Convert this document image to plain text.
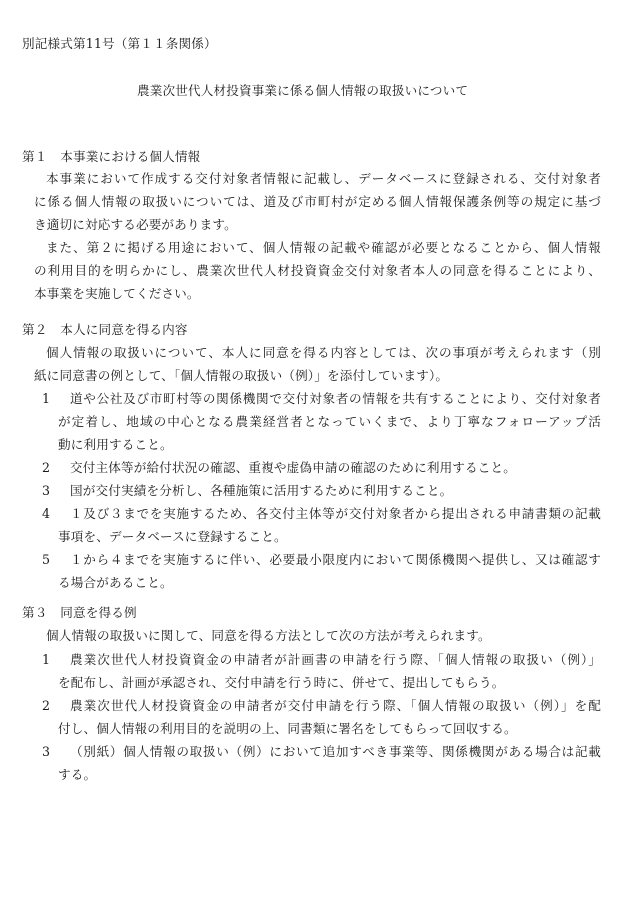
別記様式第11号（第１１条関係）
農業次世代人材投資事業に係る個人情報の取扱いについて
第１　本事業における個人情報
本事業において作成する交付対象者情報に記載し、データベースに登録される、交付対象者
に係る個人情報の取扱いについては、道及び市町村が定める個人情報保護条例等の規定に基づ
き適切に対応する必要があります。
また、第２に掲げる用途において、個人情報の記載や確認が必要となることから、個人情報
の利用目的を明らかにし、農業次世代人材投資資金交付対象者本人の同意を得ることにより、
本事業を実施してください。
第２　本人に同意を得る内容
個人情報の取扱いについて、本人に同意を得る内容としては、次の事項が考えられます（別
紙に同意書の例として、「個人情報の取扱い（例）」を添付しています）。
1 道や公社及び市町村等の関係機関で交付対象者の情報を共有することにより、交付対象者
が定着し、地域の中心となる農業経営者となっていくまで、より丁寧なフォローアップ活
動に利用すること。
2 交付主体等が給付状況の確認、重複や虚偽申請の確認のために利用すること。
3 国が交付実績を分析し、各種施策に活用するために利用すること。
4 １及び３までを実施するため、各交付主体等が交付対象者から提出される申請書類の記載
事項を、データベースに登録すること。
5 １から４までを実施するに伴い、必要最小限度内において関係機関へ提供し、又は確認す
る場合があること。
第３　同意を得る例
個人情報の取扱いに関して、同意を得る方法として次の方法が考えられます。
1 農業次世代人材投資資金の申請者が計画書の申請を行う際、「個人情報の取扱い（例）」
を配布し、計画が承認され、交付申請を行う時に、併せて、提出してもらう。
2 農業次世代人材投資資金の申請者が交付申請を行う際、「個人情報の取扱い（例）」を配
付し、個人情報の利用目的を説明の上、同書類に署名をしてもらって回収する。
3 （別紙）個人情報の取扱い（例）において追加すべき事業等、関係機関がある場合は記載
する。
